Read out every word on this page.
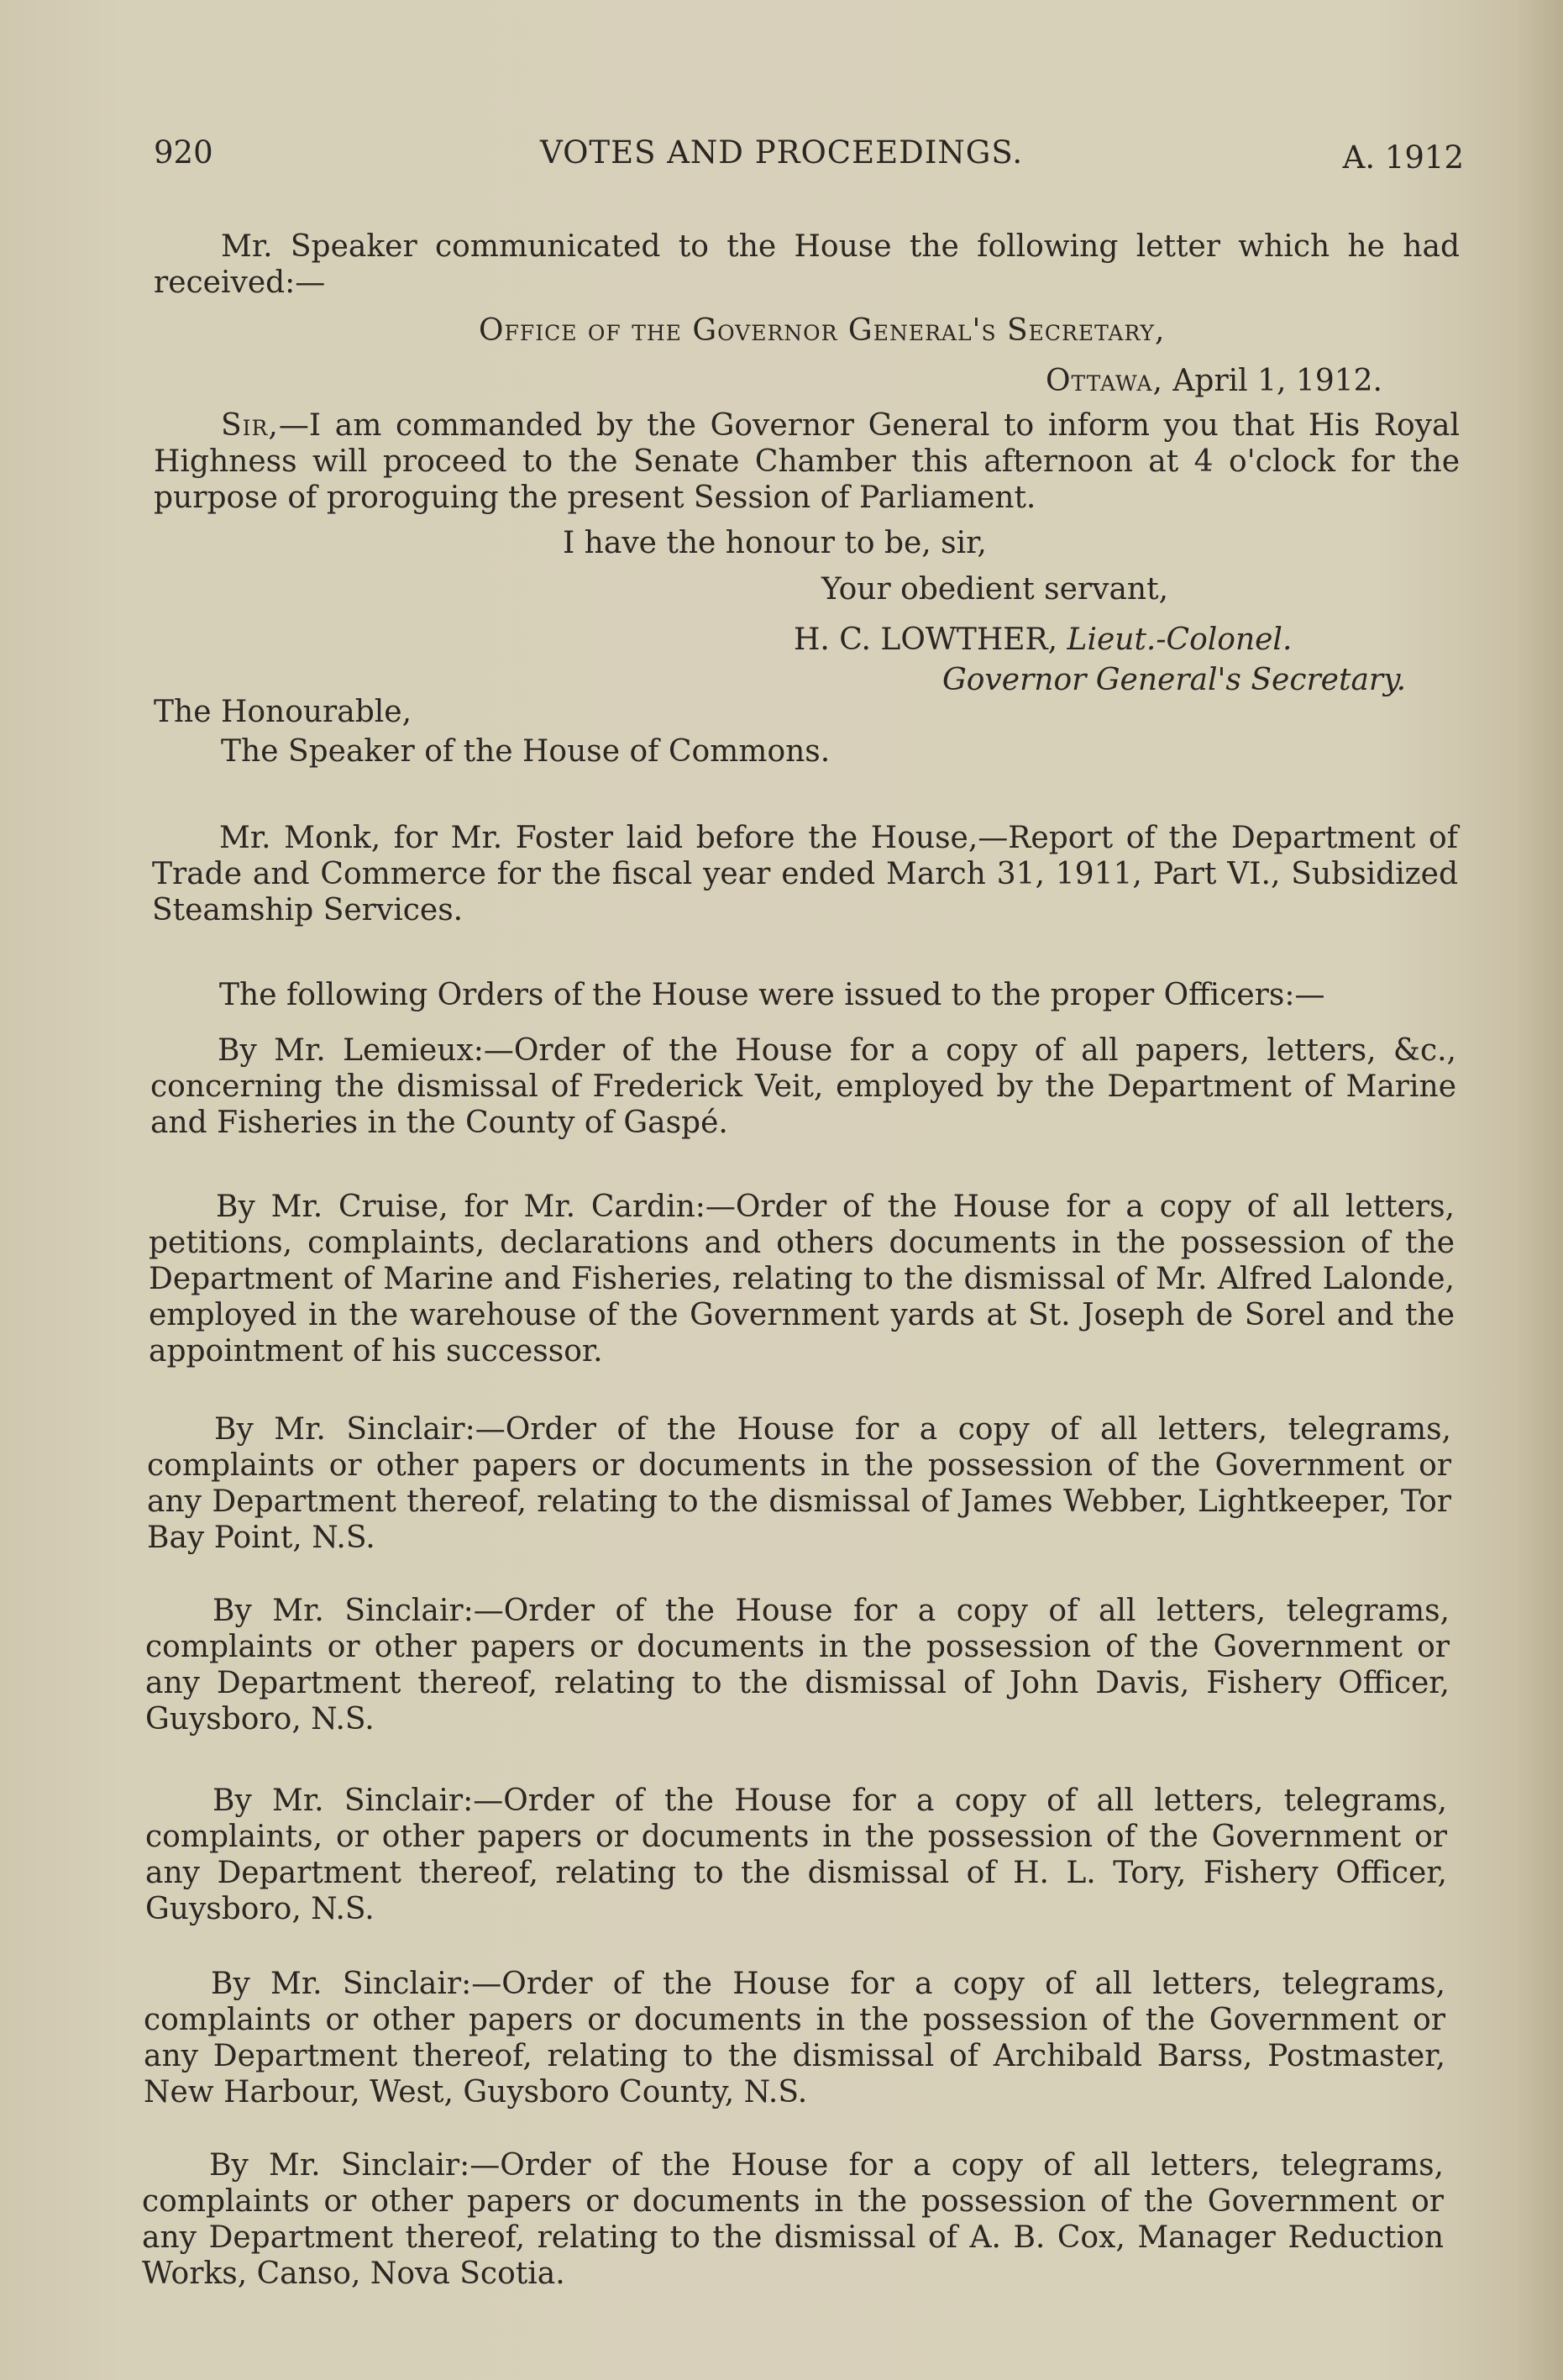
920	VOTES AND PROCEEDINGS.	A. 1912
Mr. Speaker communicated to the House the following letter which he had received:—
Office of the Governor General's Secretary,
Ottawa, April 1, 1912.
Sir,—I am commanded by the Governor General to inform you that His Royal Highness will proceed to the Senate Chamber this afternoon at 4 o'clock for the purpose of proroguing the present Session of Parliament.
I have the honour to be, sir,
Your obedient servant,
H. C. LOWTHER, Lieut.-Colonel.
Governor General's Secretary.
The Honourable,
The Speaker of the House of Commons.
Mr. Monk, for Mr. Foster laid before the House,—Report of the Department of Trade and Commerce for the fiscal year ended March 31, 1911, Part VI., Subsidized Steamship Services.
The following Orders of the House were issued to the proper Officers:—
By Mr. Lemieux:—Order of the House for a copy of all papers, letters, &c., concerning the dismissal of Frederick Veit, employed by the Department of Marine and Fisheries in the County of Gaspé.
By Mr. Cruise, for Mr. Cardin:—Order of the House for a copy of all letters, petitions, complaints, declarations and others documents in the possession of the Department of Marine and Fisheries, relating to the dismissal of Mr. Alfred Lalonde, employed in the warehouse of the Government yards at St. Joseph de Sorel and the appointment of his successor.
By Mr. Sinclair:—Order of the House for a copy of all letters, telegrams, complaints or other papers or documents in the possession of the Government or any Department thereof, relating to the dismissal of James Webber, Lightkeeper, Tor Bay Point, N.S.
By Mr. Sinclair:—Order of the House for a copy of all letters, telegrams, complaints or other papers or documents in the possession of the Government or any Department thereof, relating to the dismissal of John Davis, Fishery Officer, Guysboro, N.S.
By Mr. Sinclair:—Order of the House for a copy of all letters, telegrams, complaints, or other papers or documents in the possession of the Government or any Department thereof, relating to the dismissal of H. L. Tory, Fishery Officer, Guysboro, N.S.
By Mr. Sinclair:—Order of the House for a copy of all letters, telegrams, complaints or other papers or documents in the possession of the Government or any Department thereof, relating to the dismissal of Archibald Barss, Postmaster, New Harbour, West, Guysboro County, N.S.
By Mr. Sinclair:—Order of the House for a copy of all letters, telegrams, complaints or other papers or documents in the possession of the Government or any Department thereof, relating to the dismissal of A. B. Cox, Manager Reduction Works, Canso, Nova Scotia.
